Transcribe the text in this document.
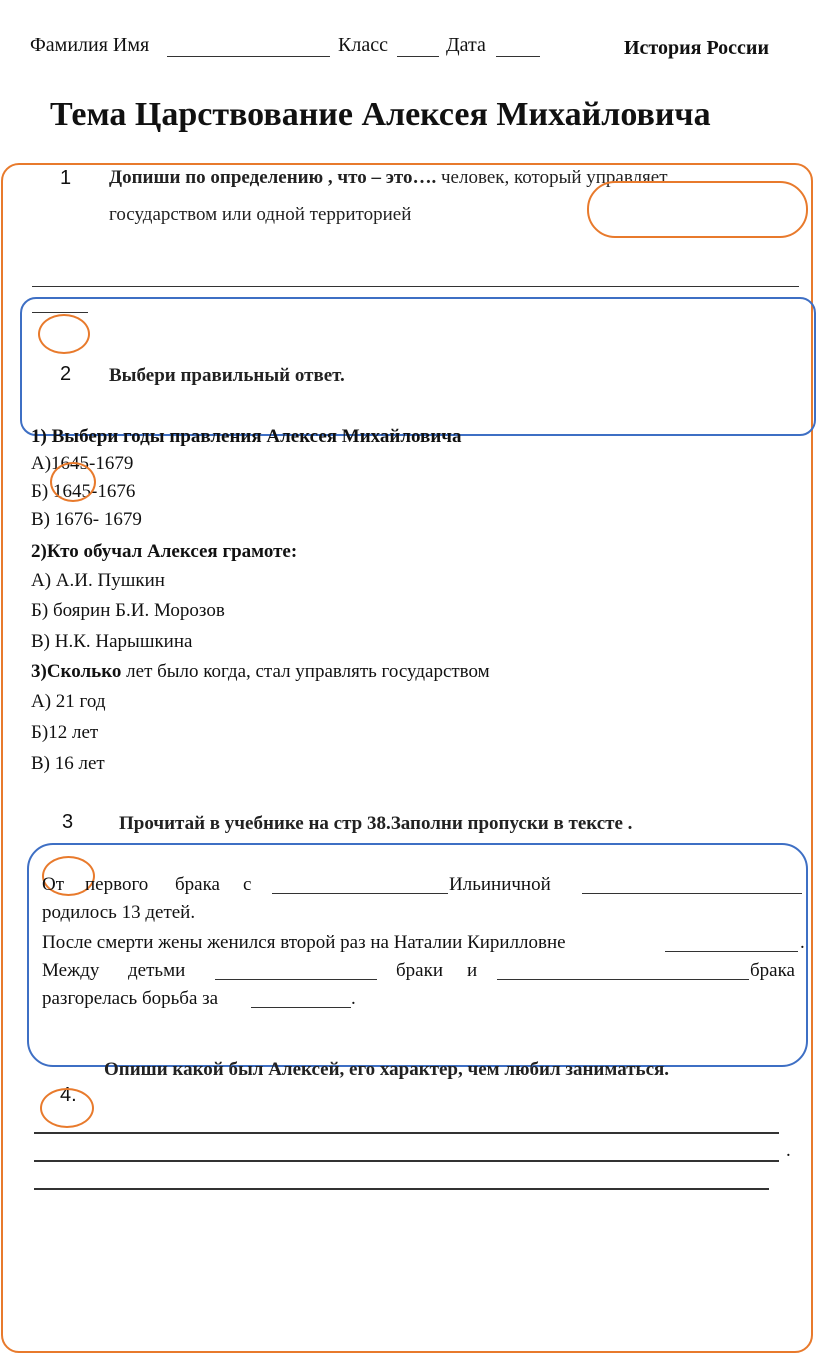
Фамилия Имя	Класс	Дата	История России
Тема Царствование Алексея Михайловича
1 Допиши по определению , что – это…. человек, который управляет
государством или одной территорией
2 Выбери правильный ответ.
1) Выбери годы правления Алексея Михайловича
А)1645-1679
Б) 1645-1676
В) 1676- 1679
2)Кто обучал Алексея грамоте:
А) А.И. Пушкин
Б) боярин Б.И. Морозов
В) Н.К. Нарышкина
3)Сколько лет было когда, стал управлять государством
А) 21 год
Б)12 лет
В) 16 лет
3 Прочитай в учебнике на стр 38.Заполни пропуски в тексте .
От первого брака с	Ильиничной
родилось 13 детей.
После смерти жены женился второй раз на Наталии Кирилловне	.
Между детьми	браки и	брака
разгорелась борьба за	.
Опиши какой был Алексей, его характер, чем любил заниматься.
4.
.
